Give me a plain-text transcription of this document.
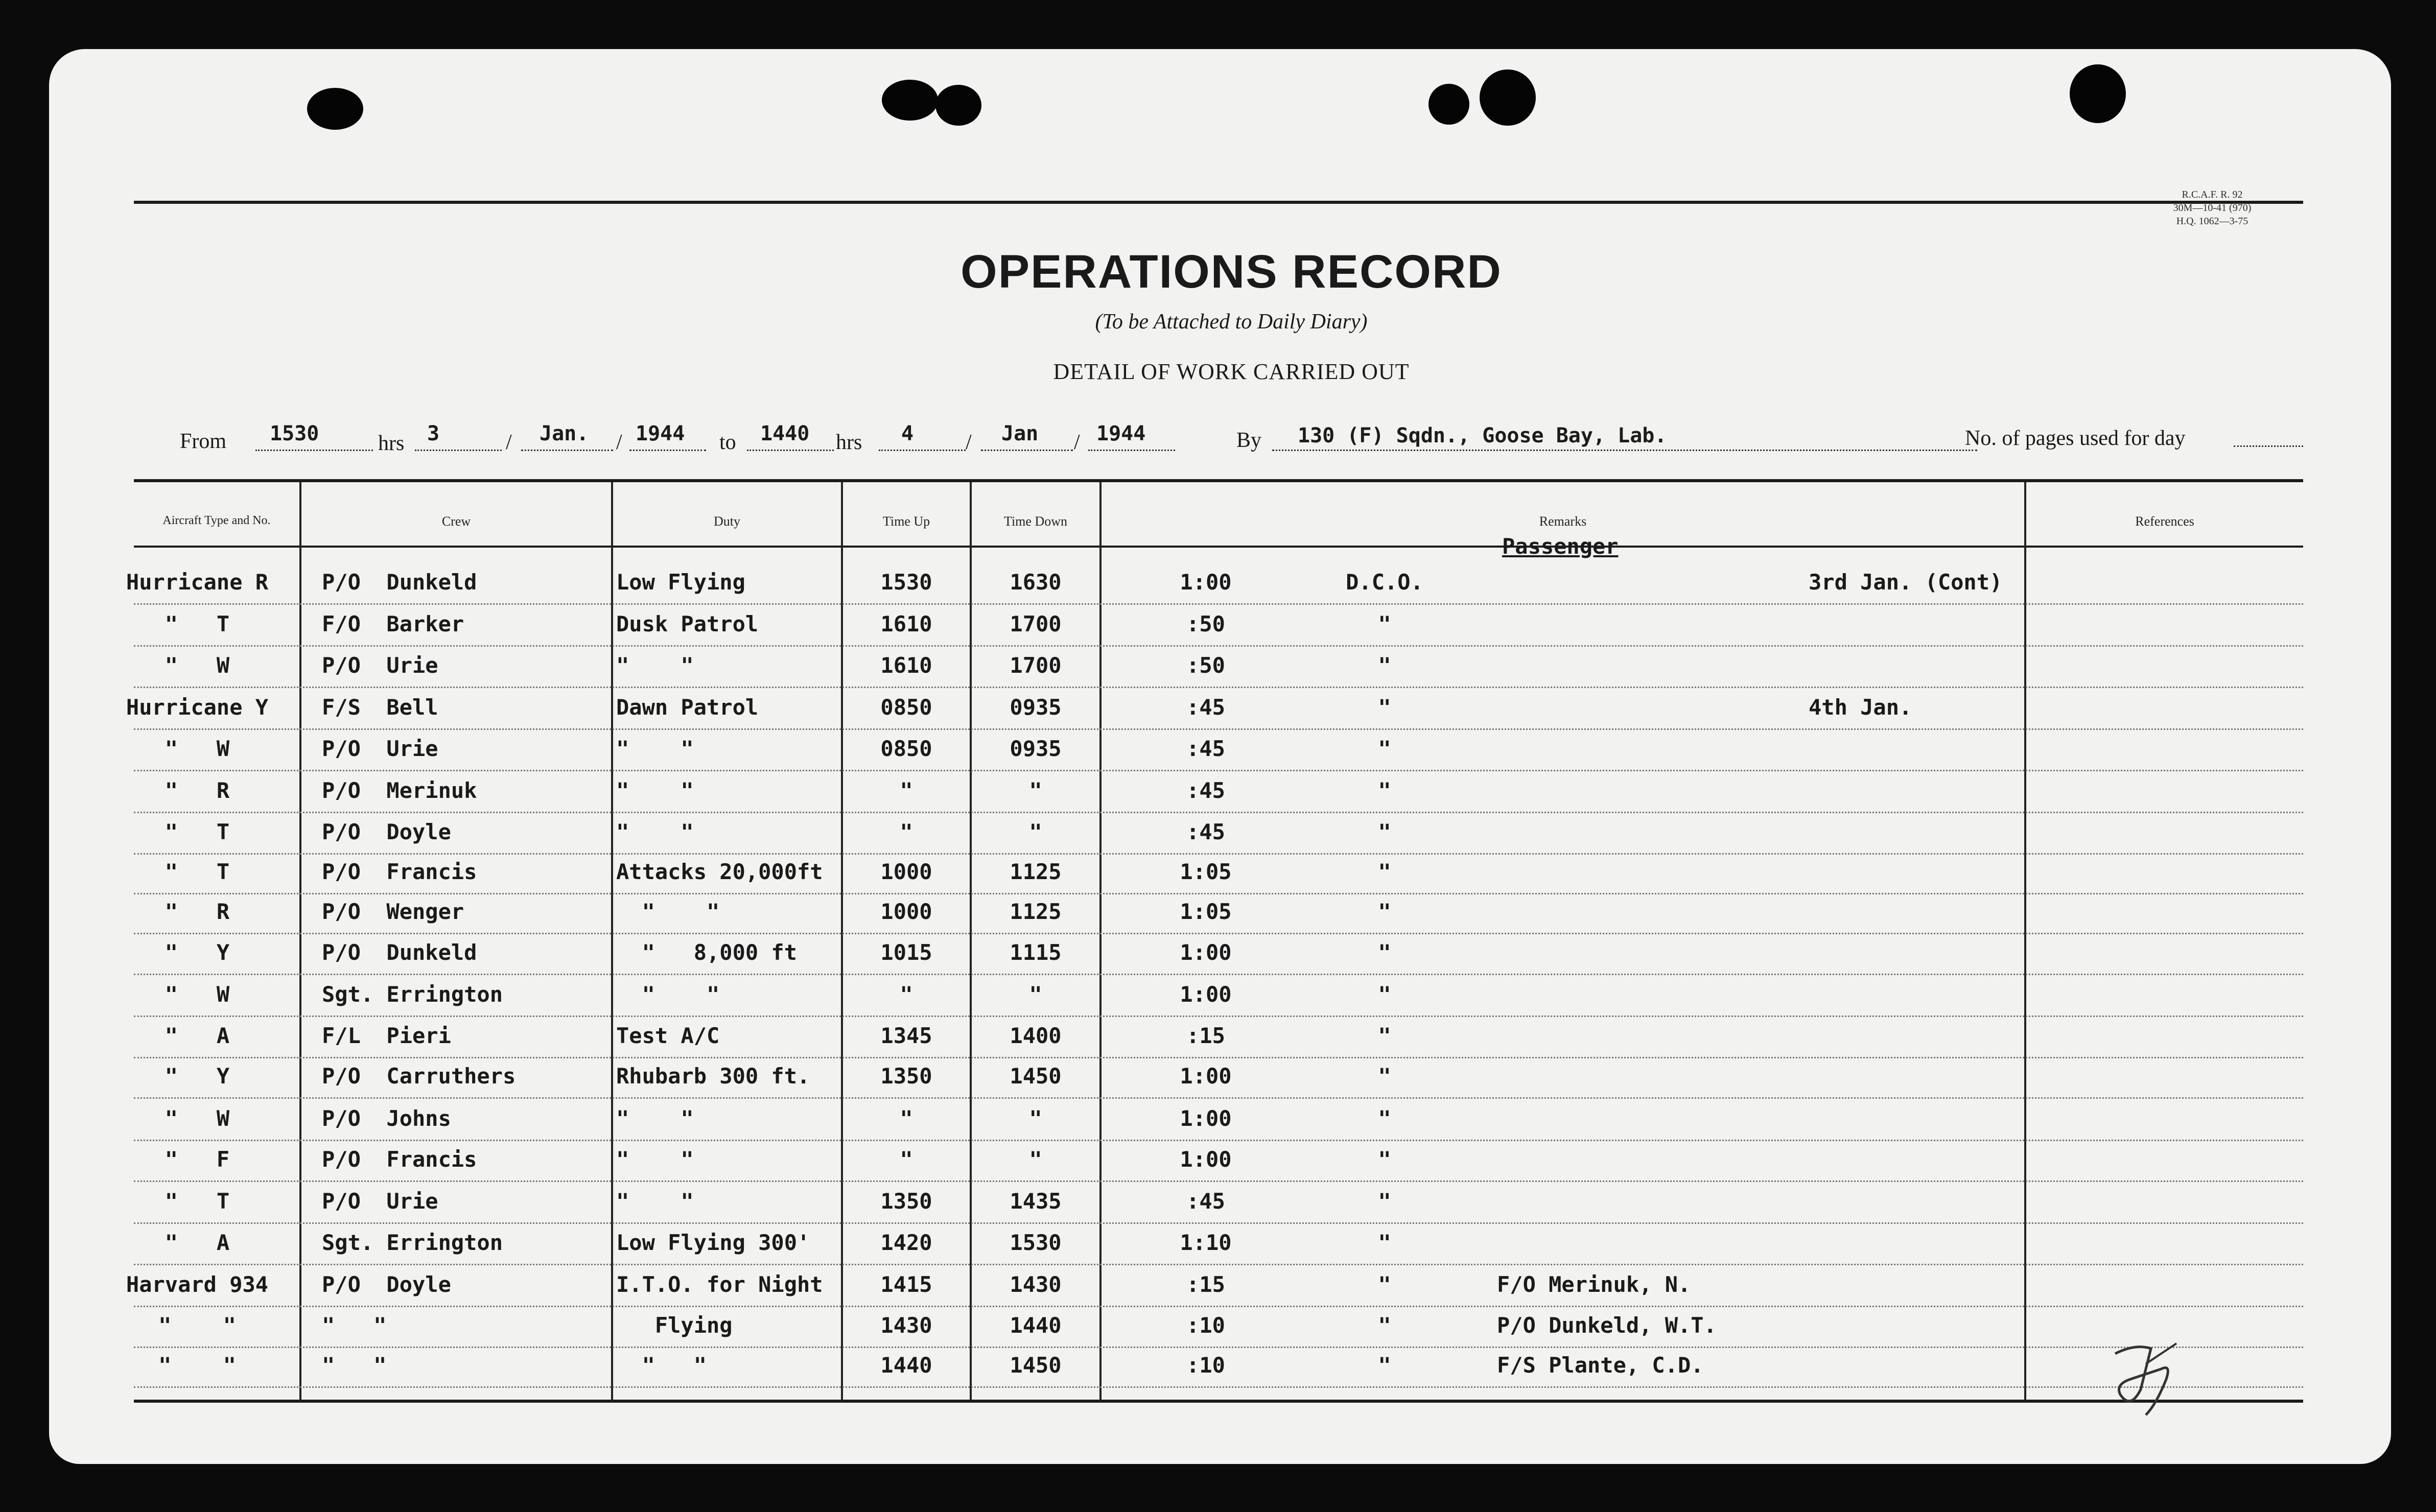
OPERATIONS RECORD
(To be Attached to Daily Diary)
DETAIL OF WORK CARRIED OUT
R.C.A.F. R. 92
30M—10-41 (970)
H.Q. 1062—3-75
From 1530	hrs 3	/ Jan. / 1944 to 1440 hrs 4 / Jan / 1944	By 130 (F) Sqdn., Goose Bay, Lab.	No. of pages used for day
Aircraft Type and No.	Crew	Duty	Time Up	Time Down	Remarks	References
Hurricane R	P/O  Dunkeld	Low Flying	1530	1630	1:00	D.C.O.	3rd Jan. (Cont)
Passenger
"   T	F/O  Barker	Dusk Patrol	1610	1700	:50	"
"   W	P/O  Urie	"    "	1610	1700	:50	"
Hurricane Y	F/S  Bell	Dawn Patrol	0850	0935	:45	"	4th Jan.
"   W	P/O  Urie	"    "	0850	0935	:45	"
"   R	P/O  Merinuk	"    "	"	"	:45	"
"   T	P/O  Doyle	"    "	"	"	:45	"
"   T	P/O  Francis	Attacks 20,000ft	1000	1125	1:05	"
"   R	P/O  Wenger	"    "	1000	1125	1:05	"
"   Y	P/O  Dunkeld	"   8,000 ft	1015	1115	1:00	"
"   W	Sgt. Errington	"    "	"	"	1:00	"
"   A	F/L  Pieri	Test A/C	1345	1400	:15	"
"   Y	P/O  Carruthers	Rhubarb 300 ft.	1350	1450	1:00	"
"   W	P/O  Johns	"    "	"	"	1:00	"
"   F	P/O  Francis	"    "	"	"	1:00	"
"   T	P/O  Urie	"    "	1350	1435	:45	"
"   A	Sgt. Errington	Low Flying 300'	1420	1530	1:10	"
Harvard 934	P/O  Doyle	I.T.O. for Night	1415	1430	:15	"	F/O Merinuk, N.
"    "	"   "	Flying	1430	1440	:10	"	P/O Dunkeld, W.T.
"    "	"   "	"   "	1440	1450	:10	"	F/S Plante, C.D.
